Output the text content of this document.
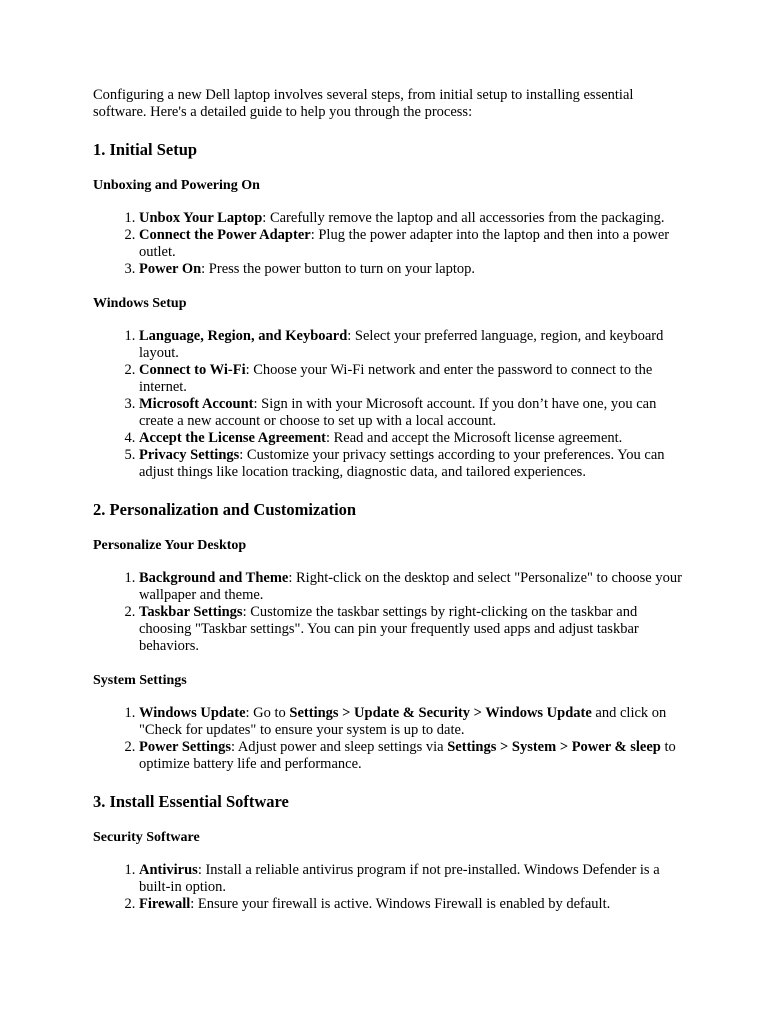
Configuring a new Dell laptop involves several steps, from initial setup to installing essential software. Here's a detailed guide to help you through the process:

1. Initial Setup
Unboxing and Powering On
1. Unbox Your Laptop: Carefully remove the laptop and all accessories from the packaging.
2. Connect the Power Adapter: Plug the power adapter into the laptop and then into a power outlet.
3. Power On: Press the power button to turn on your laptop.
Windows Setup
1. Language, Region, and Keyboard: Select your preferred language, region, and keyboard layout.
2. Connect to Wi-Fi: Choose your Wi-Fi network and enter the password to connect to the internet.
3. Microsoft Account: Sign in with your Microsoft account. If you don’t have one, you can create a new account or choose to set up with a local account.
4. Accept the License Agreement: Read and accept the Microsoft license agreement.
5. Privacy Settings: Customize your privacy settings according to your preferences. You can adjust things like location tracking, diagnostic data, and tailored experiences.
2. Personalization and Customization
Personalize Your Desktop
1. Background and Theme: Right-click on the desktop and select "Personalize" to choose your wallpaper and theme.
2. Taskbar Settings: Customize the taskbar settings by right-clicking on the taskbar and choosing "Taskbar settings". You can pin your frequently used apps and adjust taskbar behaviors.
System Settings
1. Windows Update: Go to Settings > Update & Security > Windows Update and click on "Check for updates" to ensure your system is up to date.
2. Power Settings: Adjust power and sleep settings via Settings > System > Power & sleep to optimize battery life and performance.
3. Install Essential Software
Security Software
1. Antivirus: Install a reliable antivirus program if not pre-installed. Windows Defender is a built-in option.
2. Firewall: Ensure your firewall is active. Windows Firewall is enabled by default.
